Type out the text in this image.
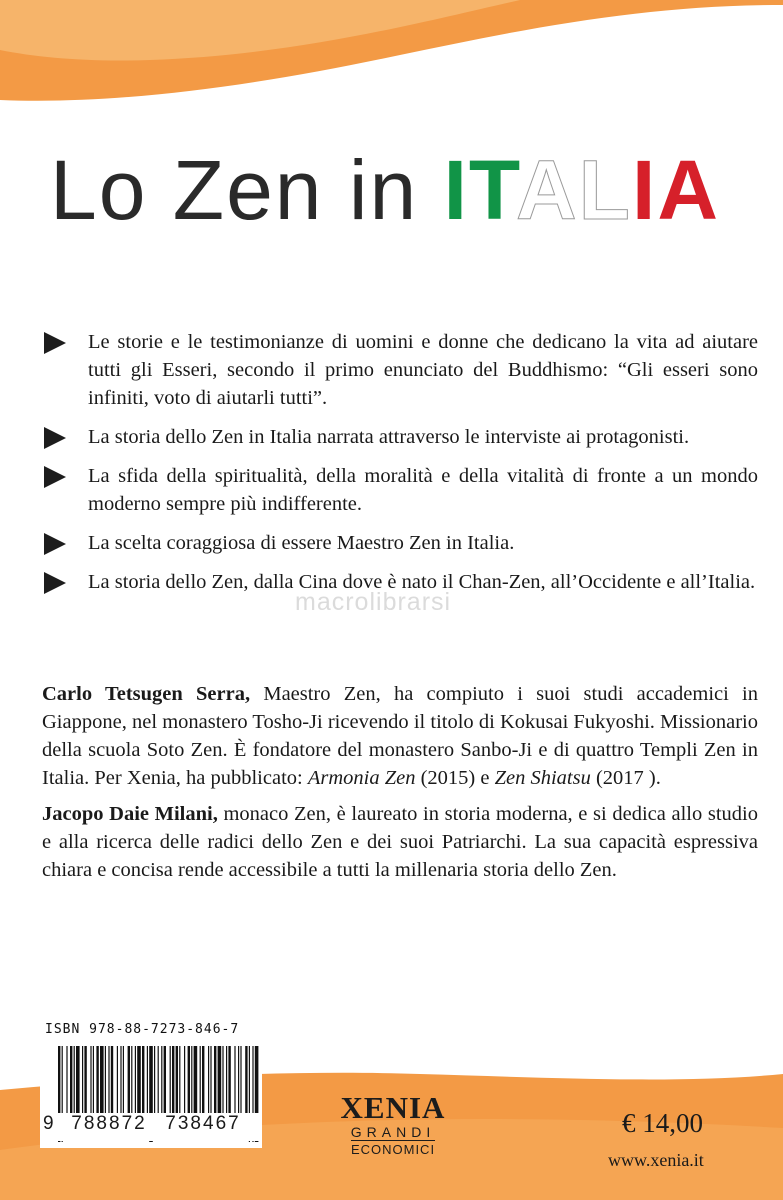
Lo Zen in ITALIA
Le storie e le testimonianze di uomini e donne che dedicano la vita ad aiutare tutti gli Esseri, secondo il primo enunciato del Buddhismo: “Gli esseri sono infiniti, voto di aiutarli tutti”.
La storia dello Zen in Italia narrata attraverso le interviste ai protagonisti.
La sfida della spiritualità, della moralità e della vitalità di fronte a un mondo moderno sempre più indifferente.
La scelta coraggiosa di essere Maestro Zen in Italia.
La storia dello Zen, dalla Cina dove è nato il Chan-Zen, all’Occidente e all’Italia.
macrolibrarsi

Carlo Tetsugen Serra, Maestro Zen, ha compiuto i suoi studi accademici in Giappone, nel monastero Tosho-Ji ricevendo il titolo di Kokusai Fukyoshi. Missionario della scuola Soto Zen. È fondatore del monastero Sanbo-Ji e di quattro Templi Zen in Italia. Per Xenia, ha pubblicato: Armonia Zen (2015) e Zen Shiatsu (2017 ).

Jacopo Daie Milani, monaco Zen, è laureato in storia moderna, e si dedica allo studio e alla ricerca delle radici dello Zen e dei suoi Patriarchi. La sua capacità espressiva chiara e concisa rende accessibile a tutti la millenaria storia dello Zen.

ISBN 978-88-7273-846-7
9 788872 738467	XENIA
GRANDI
ECONOMICI
€ 14,00
www.xenia.it
